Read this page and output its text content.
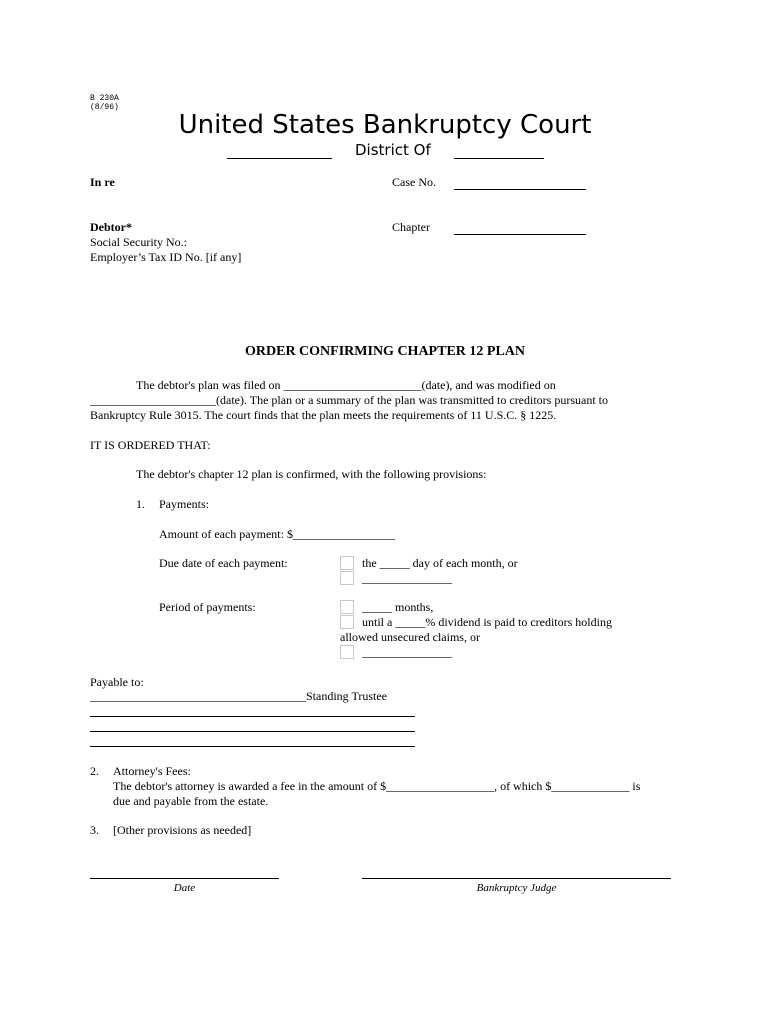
B 230A
(8/96)
United States Bankruptcy Court
District Of
In re	Case No.
Debtor*	Chapter
Social Security No.:
Employer’s Tax ID No. [if any]
ORDER CONFIRMING CHAPTER 12 PLAN
The debtor's plan was filed on _______________________(date), and was modified on
_____________________(date). The plan or a summary of the plan was transmitted to creditors pursuant to
Bankruptcy Rule 3015. The court finds that the plan meets the requirements of 11 U.S.C. § 1225.
IT IS ORDERED THAT:
The debtor's chapter 12 plan is confirmed, with the following provisions:
1. Payments:
Amount of each payment: $_________________
Due date of each payment:	the _____ day of each month, or
_______________
Period of payments:	_____ months,
until a _____% dividend is paid to creditors holding
allowed unsecured claims, or
_______________
Payable to:
____________________________________Standing Trustee
2. Attorney's Fees:
The debtor's attorney is awarded a fee in the amount of $__________________, of which $_____________ is
due and payable from the estate.
3. [Other provisions as needed]
Date	Bankruptcy Judge
